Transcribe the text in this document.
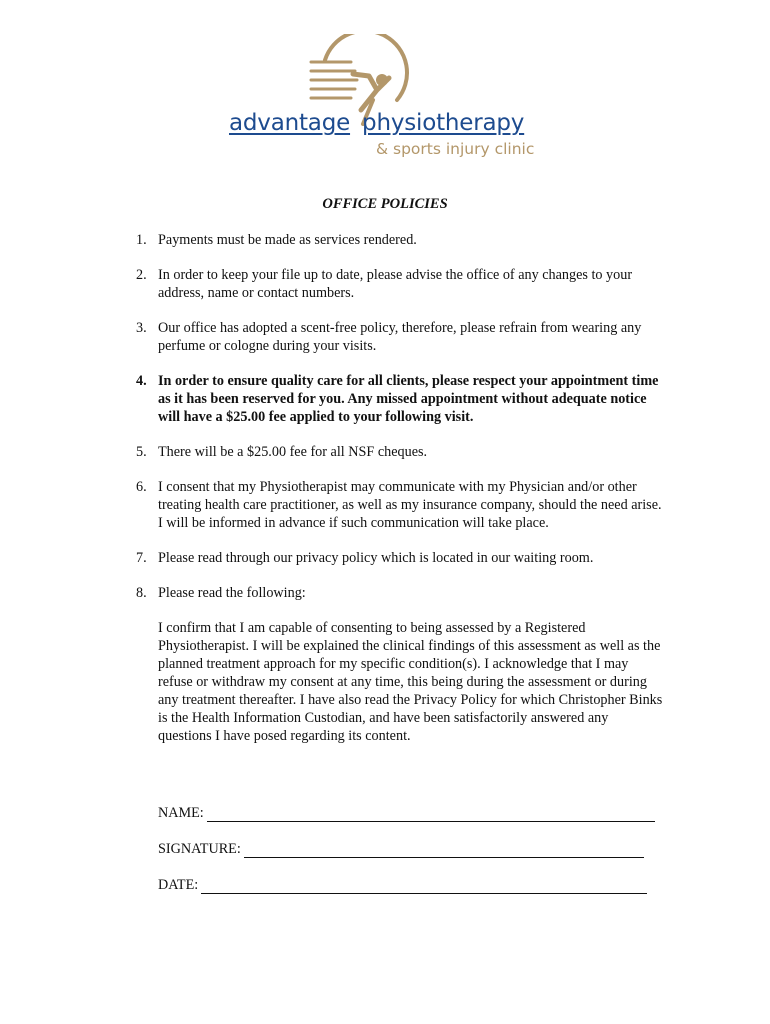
advantage physiotherapy
& sports injury clinic
OFFICE POLICIES
1. Payments must be made as services rendered.
2. In order to keep your file up to date, please advise the office of any changes to your address, name or contact numbers.
3. Our office has adopted a scent-free policy, therefore, please refrain from wearing any perfume or cologne during your visits.
4. In order to ensure quality care for all clients, please respect your appointment time as it has been reserved for you. Any missed appointment without adequate notice will have a $25.00 fee applied to your following visit.
5. There will be a $25.00 fee for all NSF cheques.
6. I consent that my Physiotherapist may communicate with my Physician and/or other treating health care practitioner, as well as my insurance company, should the need arise. I will be informed in advance if such communication will take place.
7. Please read through our privacy policy which is located in our waiting room.
8. Please read the following:
I confirm that I am capable of consenting to being assessed by a Registered Physiotherapist. I will be explained the clinical findings of this assessment as well as the planned treatment approach for my specific condition(s). I acknowledge that I may refuse or withdraw my consent at any time, this being during the assessment or during any treatment thereafter. I have also read the Privacy Policy for which Christopher Binks is the Health Information Custodian, and have been satisfactorily answered any questions I have posed regarding its content.
NAME:
SIGNATURE:
DATE:
